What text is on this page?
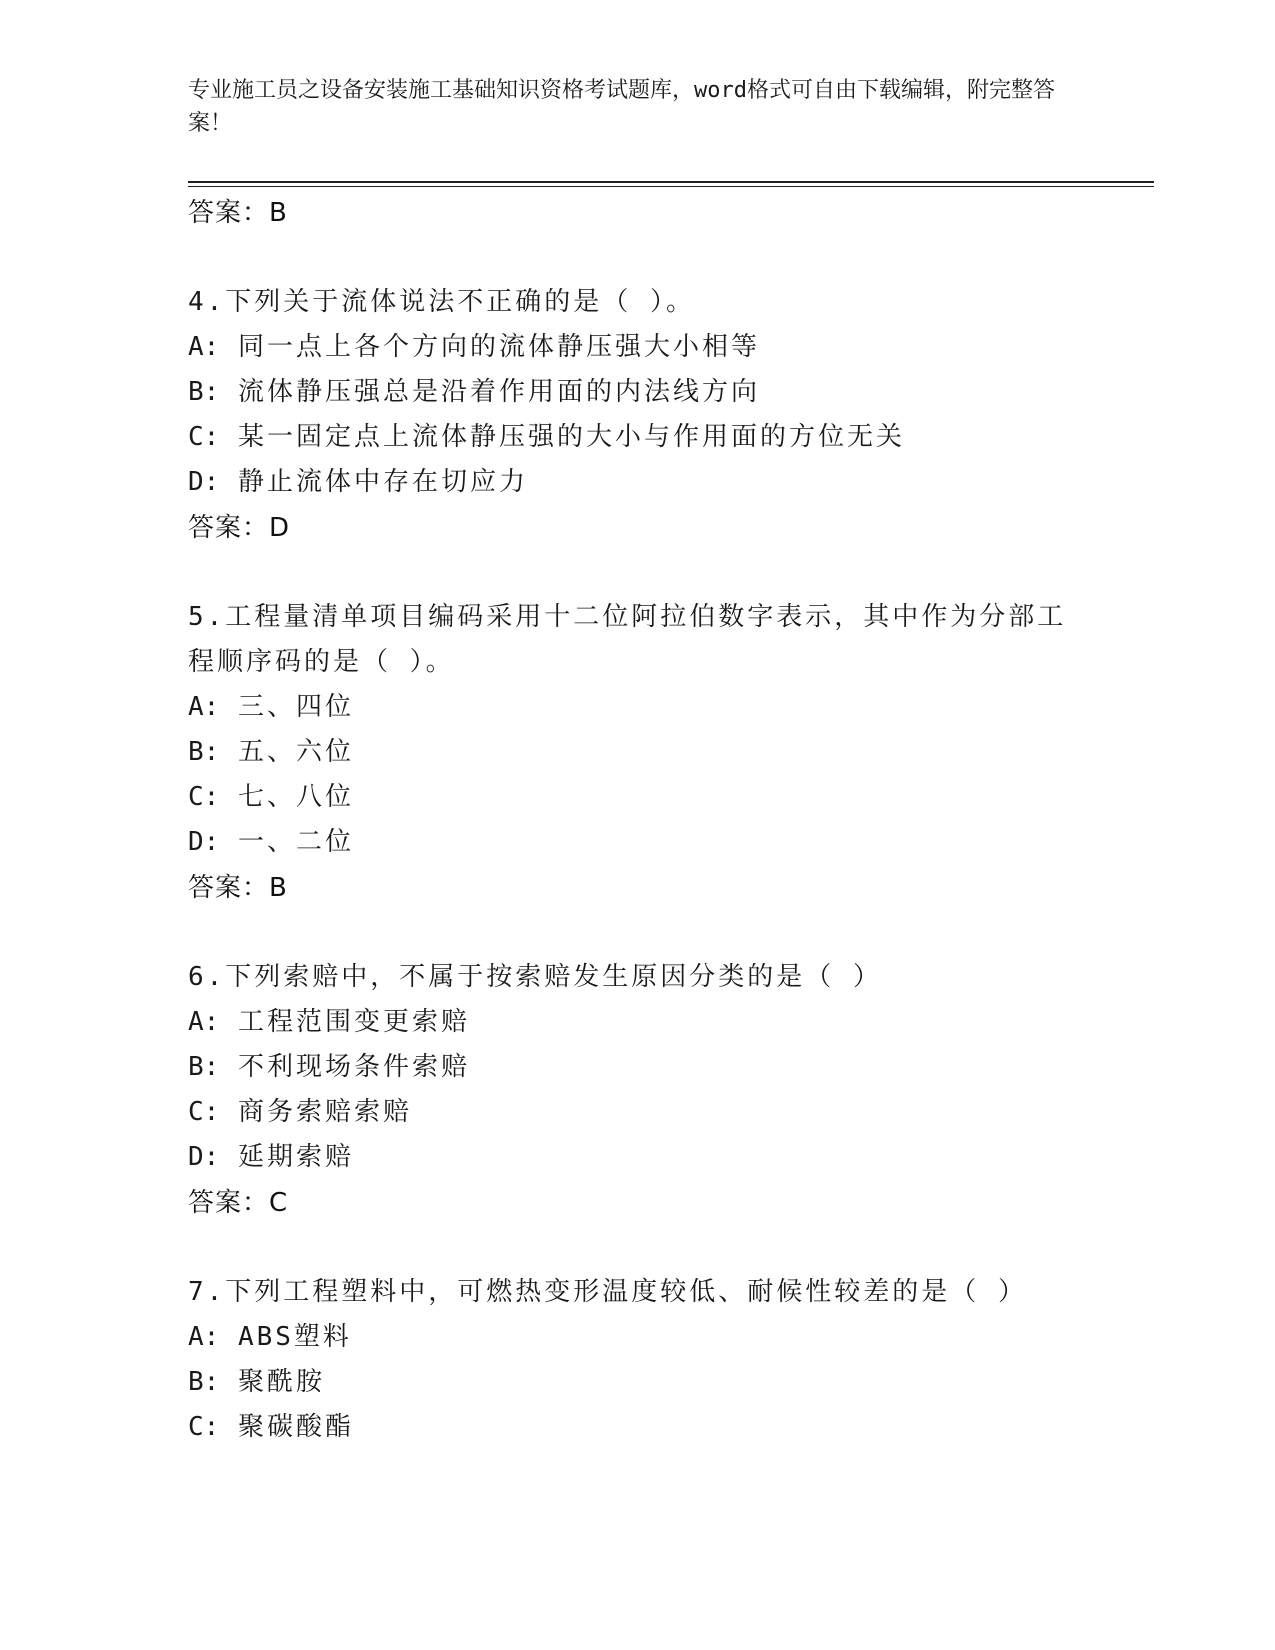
专业施工员之设备安装施工基础知识资格考试题库，word格式可自由下载编辑，附完整答案！
答案：B

4.下列关于流体说法不正确的是（ ）。

A: 同一点上各个方向的流体静压强大小相等
B: 流体静压强总是沿着作用面的内法线方向
C: 某一固定点上流体静压强的大小与作用面的方位无关
D: 静止流体中存在切应力
答案：D

5.工程量清单项目编码采用十二位阿拉伯数字表示，其中作为分部工程顺序码的是（ ）。

A: 三、四位
B: 五、六位
C: 七、八位
D: 一、二位
答案：B

6.下列索赔中，不属于按索赔发生原因分类的是（ ）

A: 工程范围变更索赔
B: 不利现场条件索赔
C: 商务索赔索赔
D: 延期索赔
答案：C

7.下列工程塑料中，可燃热变形温度较低、耐候性较差的是（ ）

A: ABS塑料
B: 聚酰胺
C: 聚碳酸酯
